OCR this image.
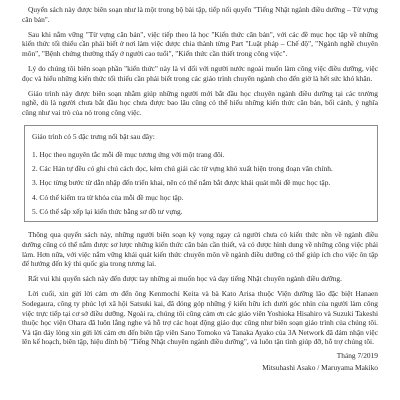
Quyển sách này được biên soạn như là một trong bộ bài tập, tiếp nối quyển "Tiếng Nhật ngành điều dưỡng – Từ vựng căn bản".

Sau khi nắm vững "Từ vựng căn bản", việc tiếp theo là học "Kiến thức căn bản", với các đề mục học tập về những kiến thức tối thiểu cần phải biết ở nơi làm việc được chia thành từng Part "Luật pháp – Chế độ", "Ngành nghề chuyên môn", "Bệnh chứng thường thấy ở người cao tuổi", "Kiến thức cần thiết trong công việc".

Lý do chúng tôi biên soạn phần "kiến thức" này là vì đối với người nước ngoài muốn làm công việc điều dưỡng, việc đọc và hiểu những kiến thức tối thiểu cần phải biết trong các giáo trình chuyên ngành cho đến giờ là hết sức khó khăn.

Giáo trình này được biên soạn nhằm giúp những người mới bắt đầu học chuyên ngành điều dưỡng tại các trường nghề, dù là người chưa bắt đầu học chưa được bao lâu cũng có thể hiểu những kiến thức căn bản, bối cảnh, ý nghĩa cũng như vai trò của nó trong công việc.

Giáo trình có 5 đặc trưng nổi bật sau đây:

1. Học theo nguyên tắc mỗi đề mục tương ứng với một trang đôi.

2. Các Hán tự đều có ghi chú cách đọc, kèm chú giải các từ vựng khó xuất hiện trong đoạn văn chính.

3. Học từng bước từ dẫn nhập đến triển khai, nên có thể nắm bắt được khái quát mỗi đề mục học tập.

4. Có thể kiểm tra từ khóa của mỗi đề mục học tập.

5. Có thể sắp xếp lại kiến thức bằng sơ đồ tư vựng.

Thông qua quyển sách này, những người biên soạn kỳ vọng ngay cả người chưa có kiến thức nền về ngành điều dưỡng cũng có thể nắm được sơ lược những kiến thức căn bản cần thiết, và có được hình dung về những công việc phải làm. Hơn nữa, với việc nắm vững khái quát kiến thức chuyên môn về ngành điều dưỡng có thể giúp ích cho việc ôn tập để hướng đến kỳ thi quốc gia trong tương lai.

Rất vui khi quyển sách này đến được tay những ai muốn học và dạy tiếng Nhật chuyên ngành điều dưỡng.

Lời cuối, xin gửi lời cảm ơn đến ông Kenmochi Keita và bà Kato Arisa thuộc Viện dưỡng lão đặc biệt Hanaen Sodegaura, công ty phúc lợi xã hội Satsuki kai, đã đóng góp những ý kiến hữu ích dưới góc nhìn của người làm công việc trực tiếp tại cơ sở điều dưỡng. Ngoài ra, chúng tôi cũng cảm ơn các giáo viên Yoshioka Hisahiro và Suzuki Takeshi thuộc học viện Ohara đã luôn lắng nghe và hỗ trợ các hoạt động giáo dục cũng như biên soạn giáo trình của chúng tôi. Và tận đáy lòng xin gửi lời cảm ơn đến biên tập viên Sano Tomoko và Tanaka Ayako của 3A Network đã đảm nhận việc lên kế hoạch, biên tập, hiệu đính bộ "Tiếng Nhật chuyên ngành điều dưỡng", và luôn tận tình giúp đỡ, hỗ trợ chúng tôi.

Tháng 7/2019

Mitsuhashi Asako / Maruyama Makiko
